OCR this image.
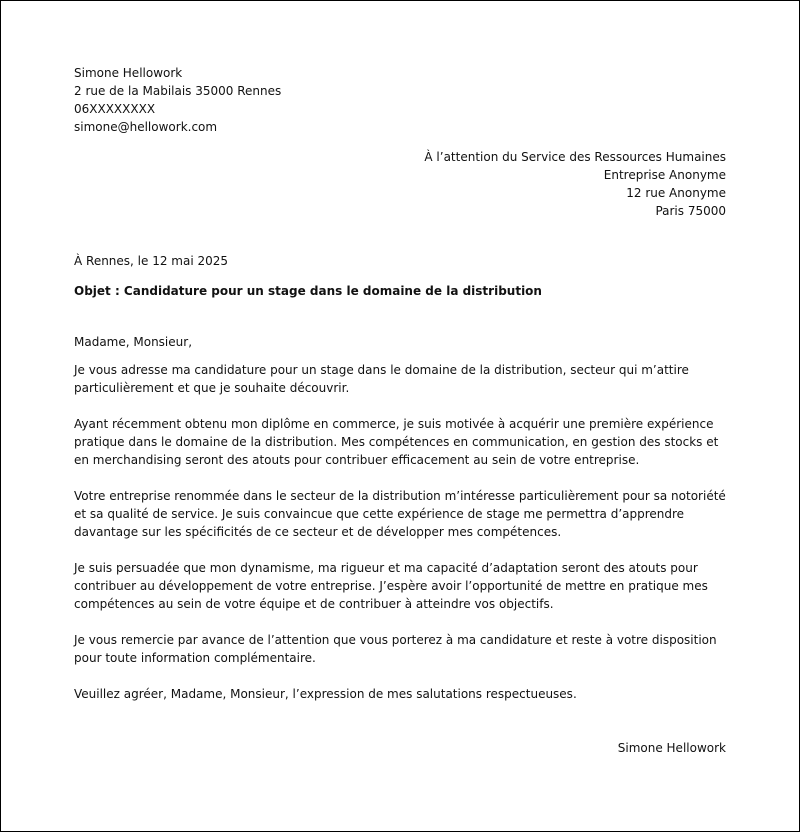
Simone Hellowork
2 rue de la Mabilais 35000 Rennes
06XXXXXXXX
simone@hellowork.com
À l’attention du Service des Ressources Humaines
Entreprise Anonyme
12 rue Anonyme
Paris 75000
À Rennes, le 12 mai 2025
Objet : Candidature pour un stage dans le domaine de la distribution
Madame, Monsieur,

Je vous adresse ma candidature pour un stage dans le domaine de la distribution, secteur qui m’attire particulièrement et que je souhaite découvrir.

Ayant récemment obtenu mon diplôme en commerce, je suis motivée à acquérir une première expérience pratique dans le domaine de la distribution. Mes compétences en communication, en gestion des stocks et en merchandising seront des atouts pour contribuer efficacement au sein de votre entreprise.

Votre entreprise renommée dans le secteur de la distribution m’intéresse particulièrement pour sa notoriété et sa qualité de service. Je suis convaincue que cette expérience de stage me permettra d’apprendre davantage sur les spécificités de ce secteur et de développer mes compétences.

Je suis persuadée que mon dynamisme, ma rigueur et ma capacité d’adaptation seront des atouts pour contribuer au développement de votre entreprise. J’espère avoir l’opportunité de mettre en pratique mes compétences au sein de votre équipe et de contribuer à atteindre vos objectifs.

Je vous remercie par avance de l’attention que vous porterez à ma candidature et reste à votre disposition pour toute information complémentaire.

Veuillez agréer, Madame, Monsieur, l’expression de mes salutations respectueuses.
Simone Hellowork
